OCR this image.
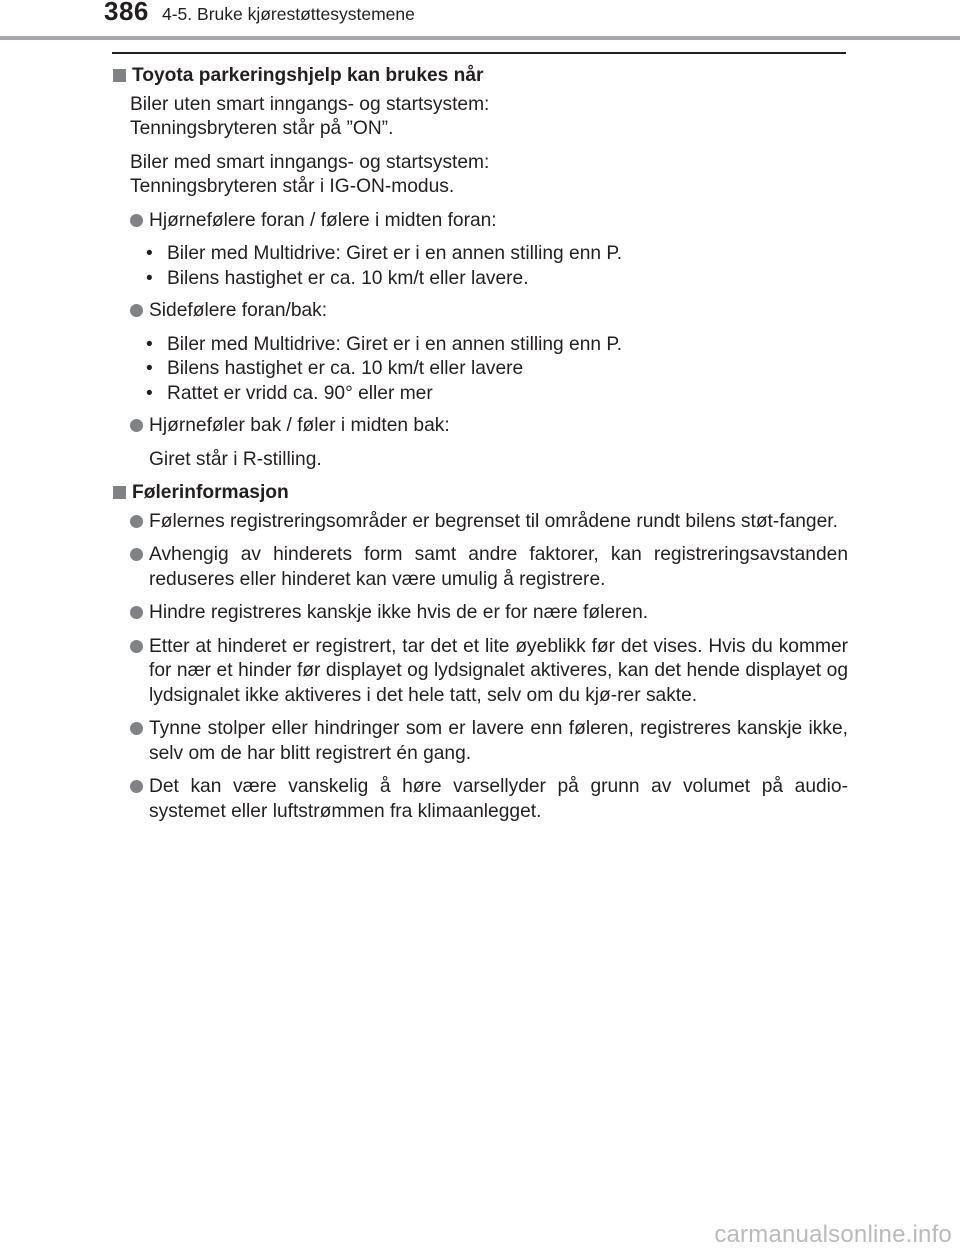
386 4-5. Bruke kjørestøttesystemene
Toyota parkeringshjelp kan brukes når
Biler uten smart inngangs- og startsystem:
Tenningsbryteren står på ”ON”.
Biler med smart inngangs- og startsystem:
Tenningsbryteren står i IG-ON-modus.
Hjørnefølere foran / følere i midten foran:
• Biler med Multidrive: Giret er i en annen stilling enn P.
• Bilens hastighet er ca. 10 km/t eller lavere.
Sidefølere foran/bak:
• Biler med Multidrive: Giret er i en annen stilling enn P.
• Bilens hastighet er ca. 10 km/t eller lavere
• Rattet er vridd ca. 90° eller mer
Hjørneføler bak / føler i midten bak:
Giret står i R-stilling.
Følerinformasjon
Følernes registreringsområder er begrenset til områdene rundt bilens støt-fanger.
Avhengig av hinderets form samt andre faktorer, kan registreringsavstanden reduseres eller hinderet kan være umulig å registrere.
Hindre registreres kanskje ikke hvis de er for nære føleren.
Etter at hinderet er registrert, tar det et lite øyeblikk før det vises. Hvis du kommer for nær et hinder før displayet og lydsignalet aktiveres, kan det hende displayet og lydsignalet ikke aktiveres i det hele tatt, selv om du kjø-rer sakte.
Tynne stolper eller hindringer som er lavere enn føleren, registreres kanskje ikke, selv om de har blitt registrert én gang.
Det kan være vanskelig å høre varsellyder på grunn av volumet på audio-systemet eller luftstrømmen fra klimaanlegget.
carmanualsonline.info
